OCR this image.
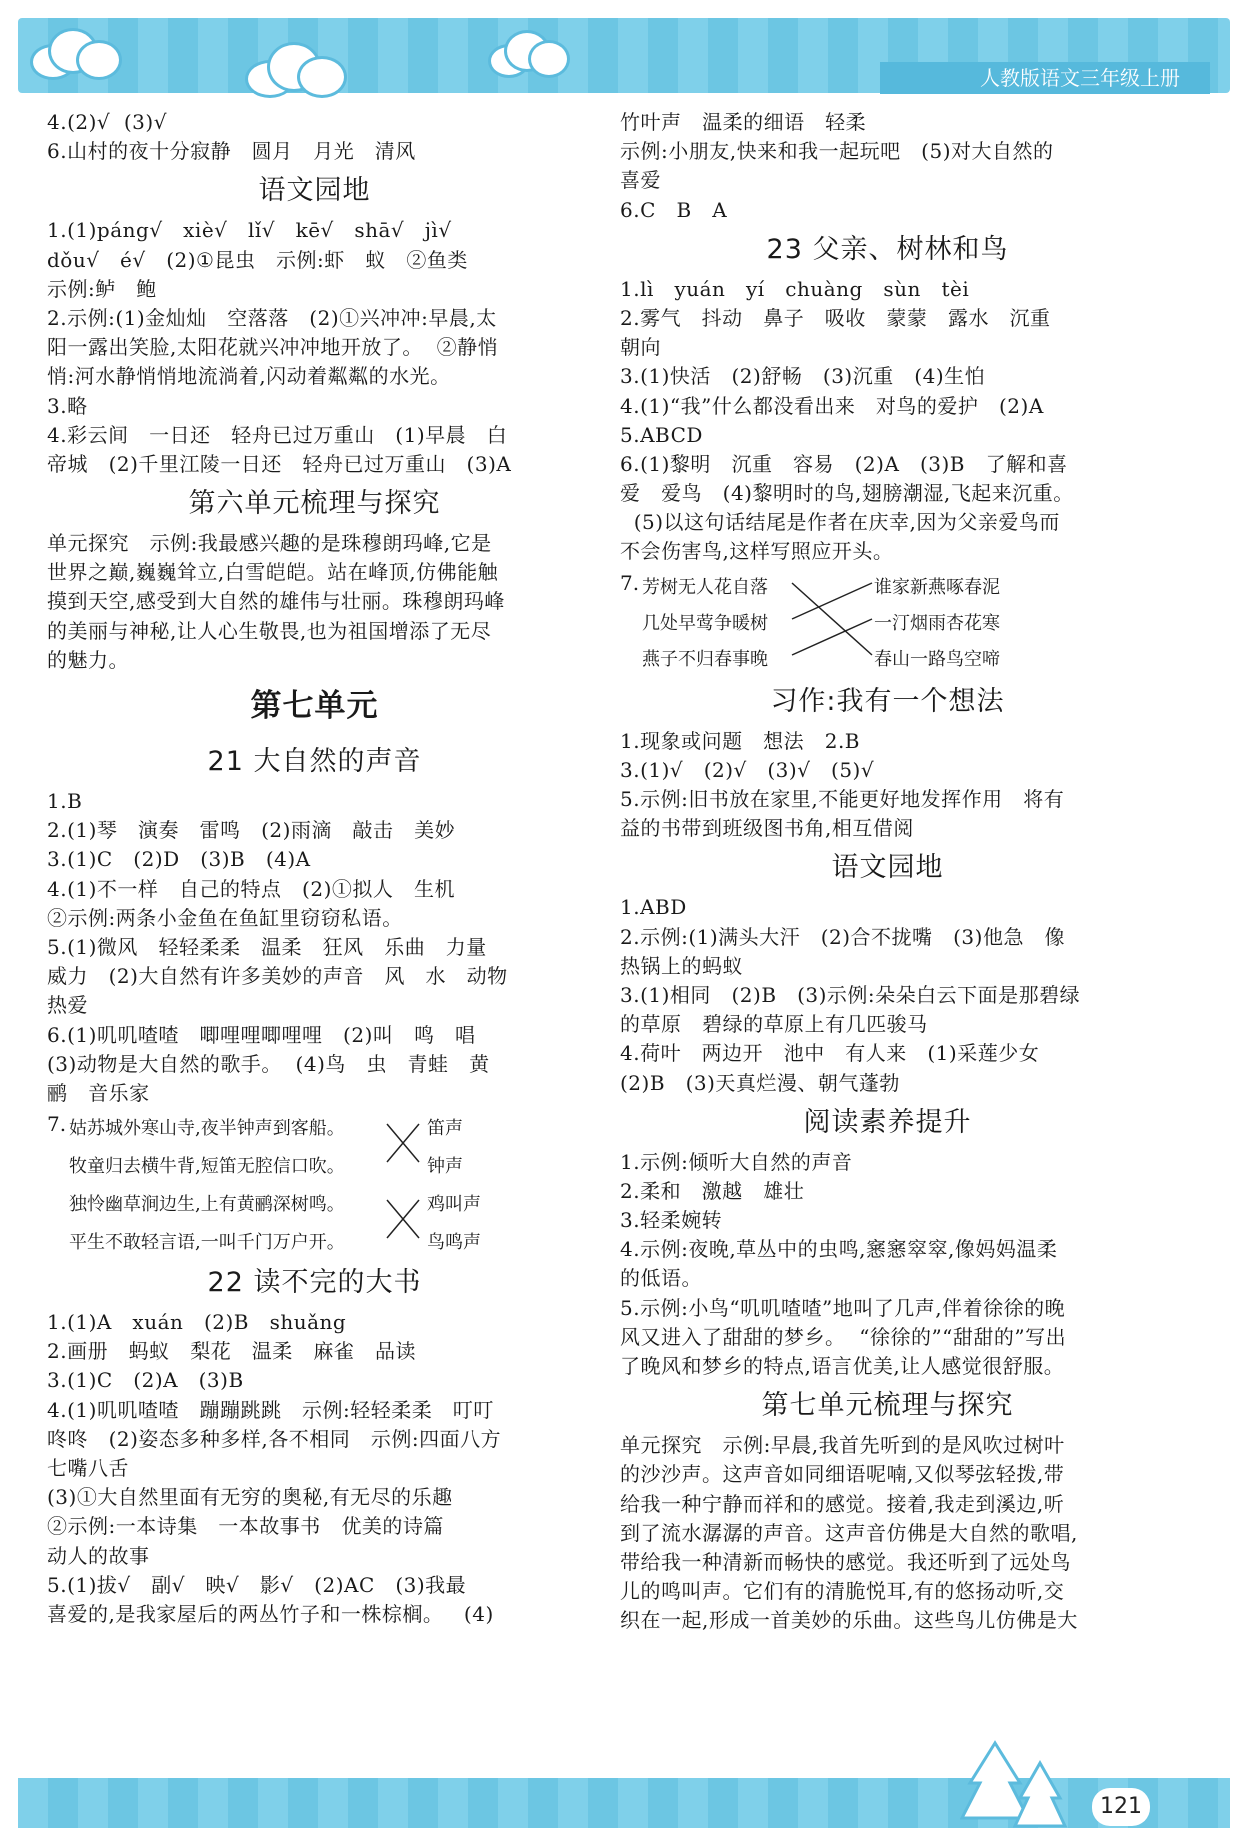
人教版语文三年级上册
4.(2)√  (3)√
6.山村的夜十分寂静   圆月   月光   清风
语文园地
1.(1)páng√   xiè√   lǐ√   kē√   shā√   jì√
dǒu√   é√   (2)①昆虫   示例:虾   蚁   ②鱼类
示例:鲈   鲍
2.示例:(1)金灿灿   空落落   (2)①兴冲冲:早晨,太
阳一露出笑脸,太阳花就兴冲冲地开放了。  ②静悄
悄:河水静悄悄地流淌着,闪动着粼粼的水光。
3.略
4.彩云间   一日还   轻舟已过万重山   (1)早晨   白
帝城   (2)千里江陵一日还   轻舟已过万重山   (3)A
第六单元梳理与探究
单元探究   示例:我最感兴趣的是珠穆朗玛峰,它是
世界之巅,巍巍耸立,白雪皑皑。站在峰顶,仿佛能触
摸到天空,感受到大自然的雄伟与壮丽。珠穆朗玛峰
的美丽与神秘,让人心生敬畏,也为祖国增添了无尽
的魅力。
第七单元
21 大自然的声音
1.B
2.(1)琴   演奏   雷鸣   (2)雨滴   敲击   美妙
3.(1)C   (2)D   (3)B   (4)A
4.(1)不一样   自己的特点   (2)①拟人   生机
②示例:两条小金鱼在鱼缸里窃窃私语。
5.(1)微风   轻轻柔柔   温柔   狂风   乐曲   力量
威力   (2)大自然有许多美妙的声音   风   水   动物
热爱
6.(1)叽叽喳喳   唧哩哩唧哩哩   (2)叫   鸣   唱
(3)动物是大自然的歌手。  (4)鸟   虫   青蛙   黄
鹂   音乐家
7. 姑苏城外寒山寺,夜半钟声到客船。
牧童归去横牛背,短笛无腔信口吹。
独怜幽草涧边生,上有黄鹂深树鸣。
平生不敢轻言语,一叫千门万户开。
笛声
钟声
鸡叫声
鸟鸣声
22 读不完的大书
1.(1)A   xuán   (2)B   shuǎng
2.画册   蚂蚁   梨花   温柔   麻雀   品读
3.(1)C   (2)A   (3)B
4.(1)叽叽喳喳   蹦蹦跳跳   示例:轻轻柔柔   叮叮
咚咚   (2)姿态多种多样,各不相同   示例:四面八方
七嘴八舌
(3)①大自然里面有无穷的奥秘,有无尽的乐趣
②示例:一本诗集   一本故事书   优美的诗篇
动人的故事
5.(1)拔√   副√   映√   影√   (2)AC   (3)我最
喜爱的,是我家屋后的两丛竹子和一株棕榈。   (4)
竹叶声   温柔的细语   轻柔
示例:小朋友,快来和我一起玩吧   (5)对大自然的
喜爱
6.C   B   A
23 父亲、树林和鸟
1.lì   yuán   yí   chuàng   sùn   tèi
2.雾气   抖动   鼻子   吸收   蒙蒙   露水   沉重
朝向
3.(1)快活   (2)舒畅   (3)沉重   (4)生怕
4.(1)“我”什么都没看出来   对鸟的爱护   (2)A
5.ABCD
6.(1)黎明   沉重   容易   (2)A   (3)B   了解和喜
爱   爱鸟   (4)黎明时的鸟,翅膀潮湿,飞起来沉重。
(5)以这句话结尾是作者在庆幸,因为父亲爱鸟而
不会伤害鸟,这样写照应开头。
7. 芳树无人花自落
几处早莺争暖树
燕子不归春事晚
谁家新燕啄春泥
一汀烟雨杏花寒
春山一路鸟空啼
习作:我有一个想法
1.现象或问题   想法   2.B
3.(1)√   (2)√   (3)√   (5)√
5.示例:旧书放在家里,不能更好地发挥作用   将有
益的书带到班级图书角,相互借阅
语文园地
1.ABD
2.示例:(1)满头大汗   (2)合不拢嘴   (3)他急   像
热锅上的蚂蚁
3.(1)相同   (2)B   (3)示例:朵朵白云下面是那碧绿
的草原   碧绿的草原上有几匹骏马
4.荷叶   两边开   池中   有人来   (1)采莲少女
(2)B   (3)天真烂漫、朝气蓬勃
阅读素养提升
1.示例:倾听大自然的声音
2.柔和   激越   雄壮
3.轻柔婉转
4.示例:夜晚,草丛中的虫鸣,窸窸窣窣,像妈妈温柔
的低语。
5.示例:小鸟“叽叽喳喳”地叫了几声,伴着徐徐的晚
风又进入了甜甜的梦乡。  “徐徐的”“甜甜的”写出
了晚风和梦乡的特点,语言优美,让人感觉很舒服。
第七单元梳理与探究
单元探究   示例:早晨,我首先听到的是风吹过树叶
的沙沙声。这声音如同细语呢喃,又似琴弦轻拨,带
给我一种宁静而祥和的感觉。接着,我走到溪边,听
到了流水潺潺的声音。这声音仿佛是大自然的歌唱,
带给我一种清新而畅快的感觉。我还听到了远处鸟
儿的鸣叫声。它们有的清脆悦耳,有的悠扬动听,交
织在一起,形成一首美妙的乐曲。这些鸟儿仿佛是大
121
